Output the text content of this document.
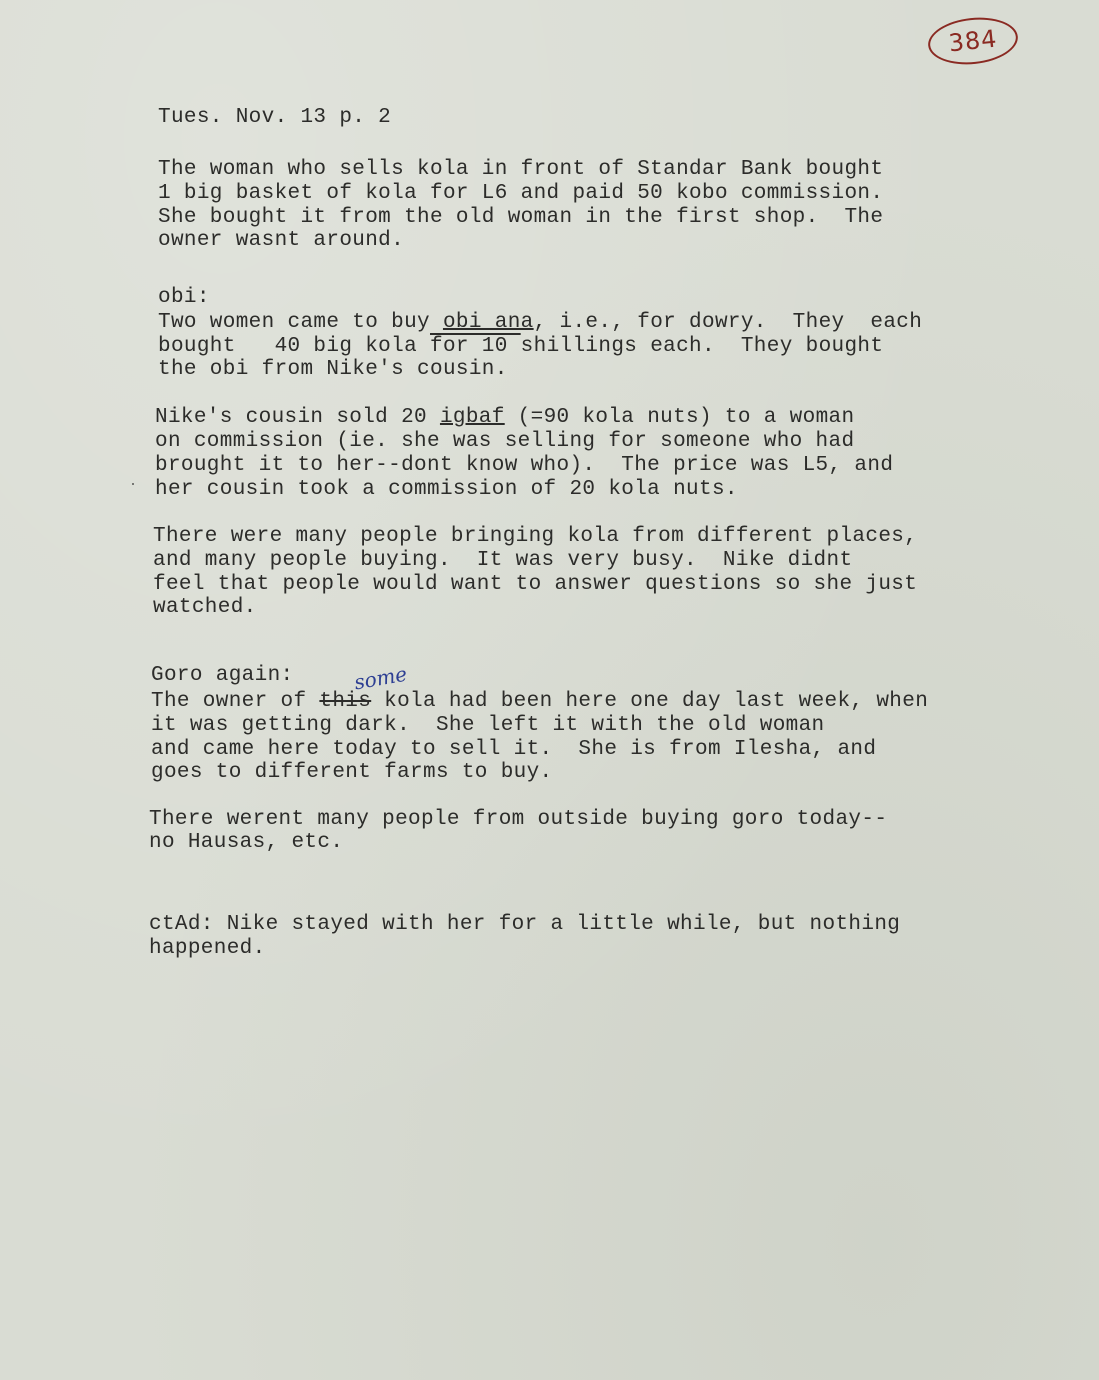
384
Tues. Nov. 13 p. 2
The woman who sells kola in front of Standar Bank bought
1 big basket of kola for L6 and paid 50 kobo commission.
She bought it from the old woman in the first shop.  The
owner wasnt around.
obi:
Two women came to buy obi ana, i.e., for dowry.  They  each
bought   40 big kola for 10 shillings each.  They bought
the obi from Nike's cousin.
Nike's cousin sold 20 igbaf (=90 kola nuts) to a woman
on commission (ie. she was selling for someone who had
brought it to her--dont know who).  The price was L5, and
her cousin took a commission of 20 kola nuts.
There were many people bringing kola from different places,
and many people buying.  It was very busy.  Nike didnt
feel that people would want to answer questions so she just
watched.
Goro again:	some
The owner of this kola had been here one day last week, when
it was getting dark.  She left it with the old woman
and came here today to sell it.  She is from Ilesha, and
goes to different farms to buy.
There werent many people from outside buying goro today--
no Hausas, etc.
ctAd: Nike stayed with her for a little while, but nothing
happened.
